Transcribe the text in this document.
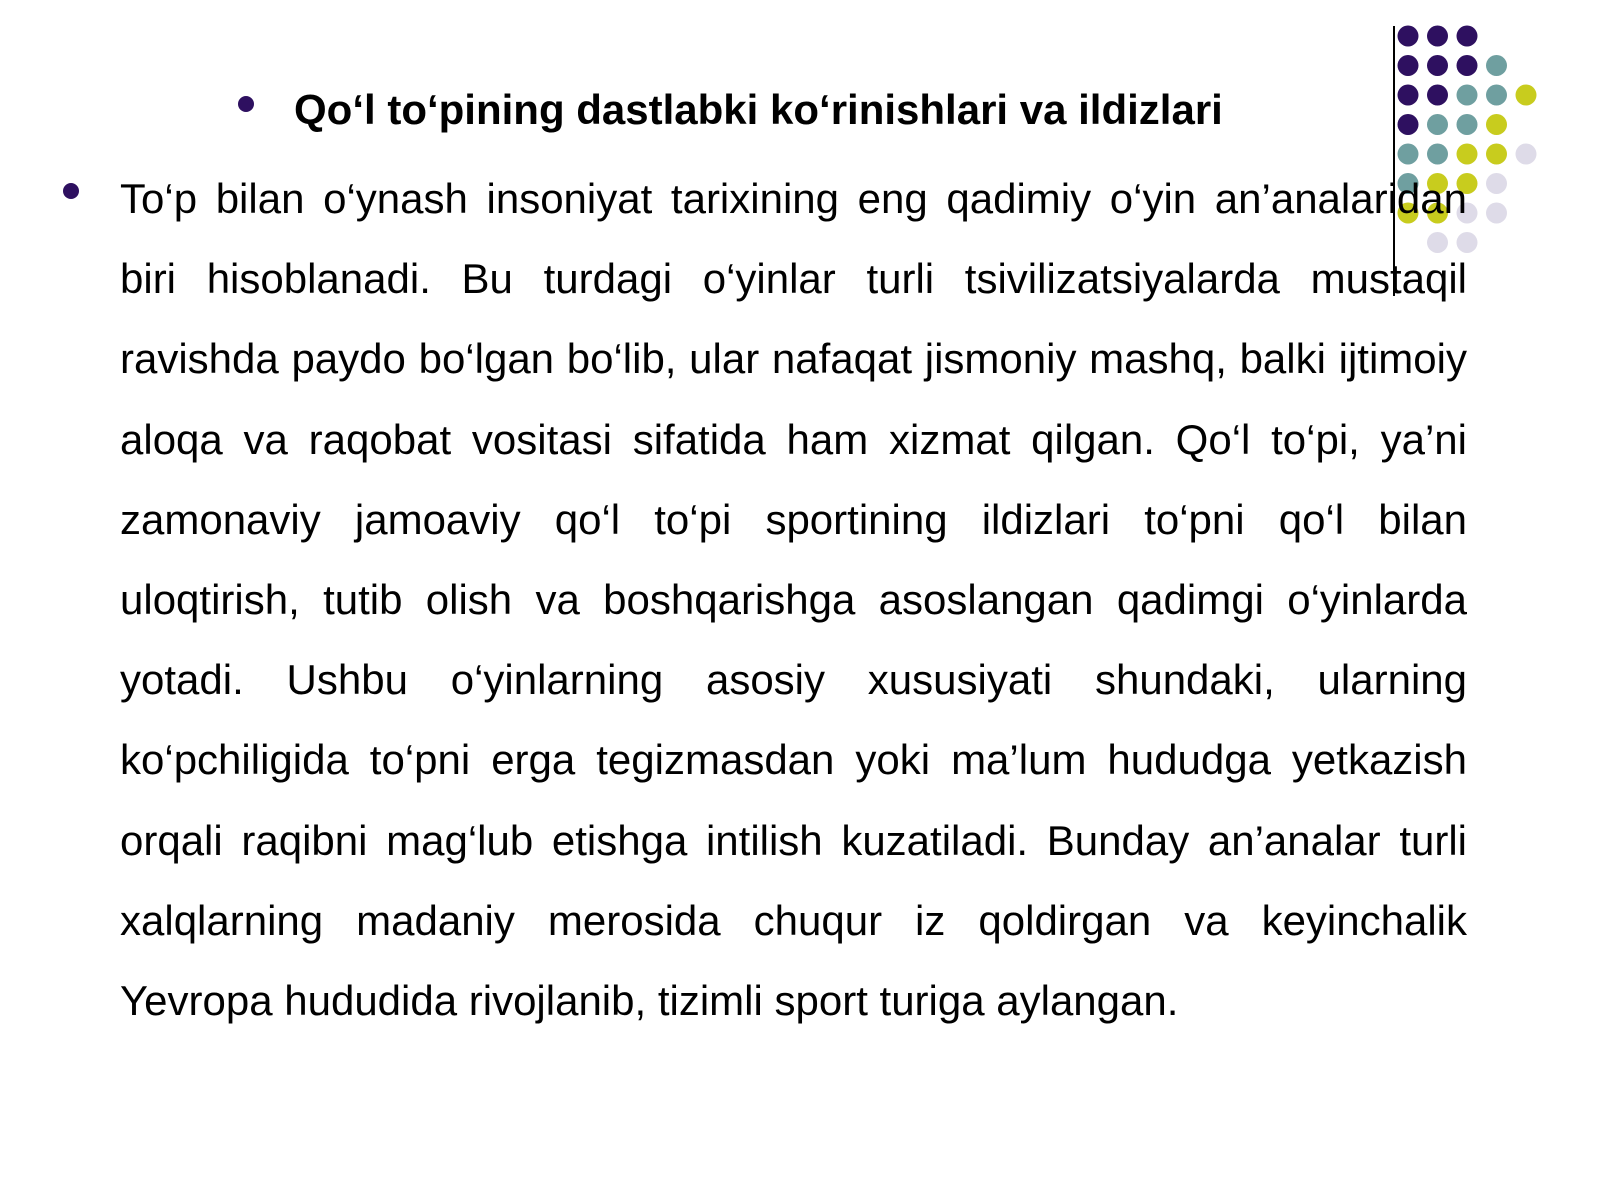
Qo‘l to‘pining dastlabki ko‘rinishlari va ildizlari

To‘p bilan o‘ynash insoniyat tarixining eng qadimiy o‘yin an’analaridan biri hisoblanadi. Bu turdagi o‘yinlar turli tsivilizatsiyalarda mustaqil ravishda paydo bo‘lgan bo‘lib, ular nafaqat jismoniy mashq, balki ijtimoiy aloqa va raqobat vositasi sifatida ham xizmat qilgan. Qo‘l to‘pi, ya’ni zamonaviy jamoaviy qo‘l to‘pi sportining ildizlari to‘pni qo‘l bilan uloqtirish, tutib olish va boshqarishga asoslangan qadimgi o‘yinlarda yotadi. Ushbu o‘yinlarning asosiy xususiyati shundaki, ularning ko‘pchiligida to‘pni erga tegizmasdan yoki ma’lum hududga yetkazish orqali raqibni mag‘lub etishga intilish kuzatiladi. Bunday an’analar turli xalqlarning madaniy merosida chuqur iz qoldirgan va keyinchalik Yevropa hududida rivojlanib, tizimli sport turiga aylangan.
